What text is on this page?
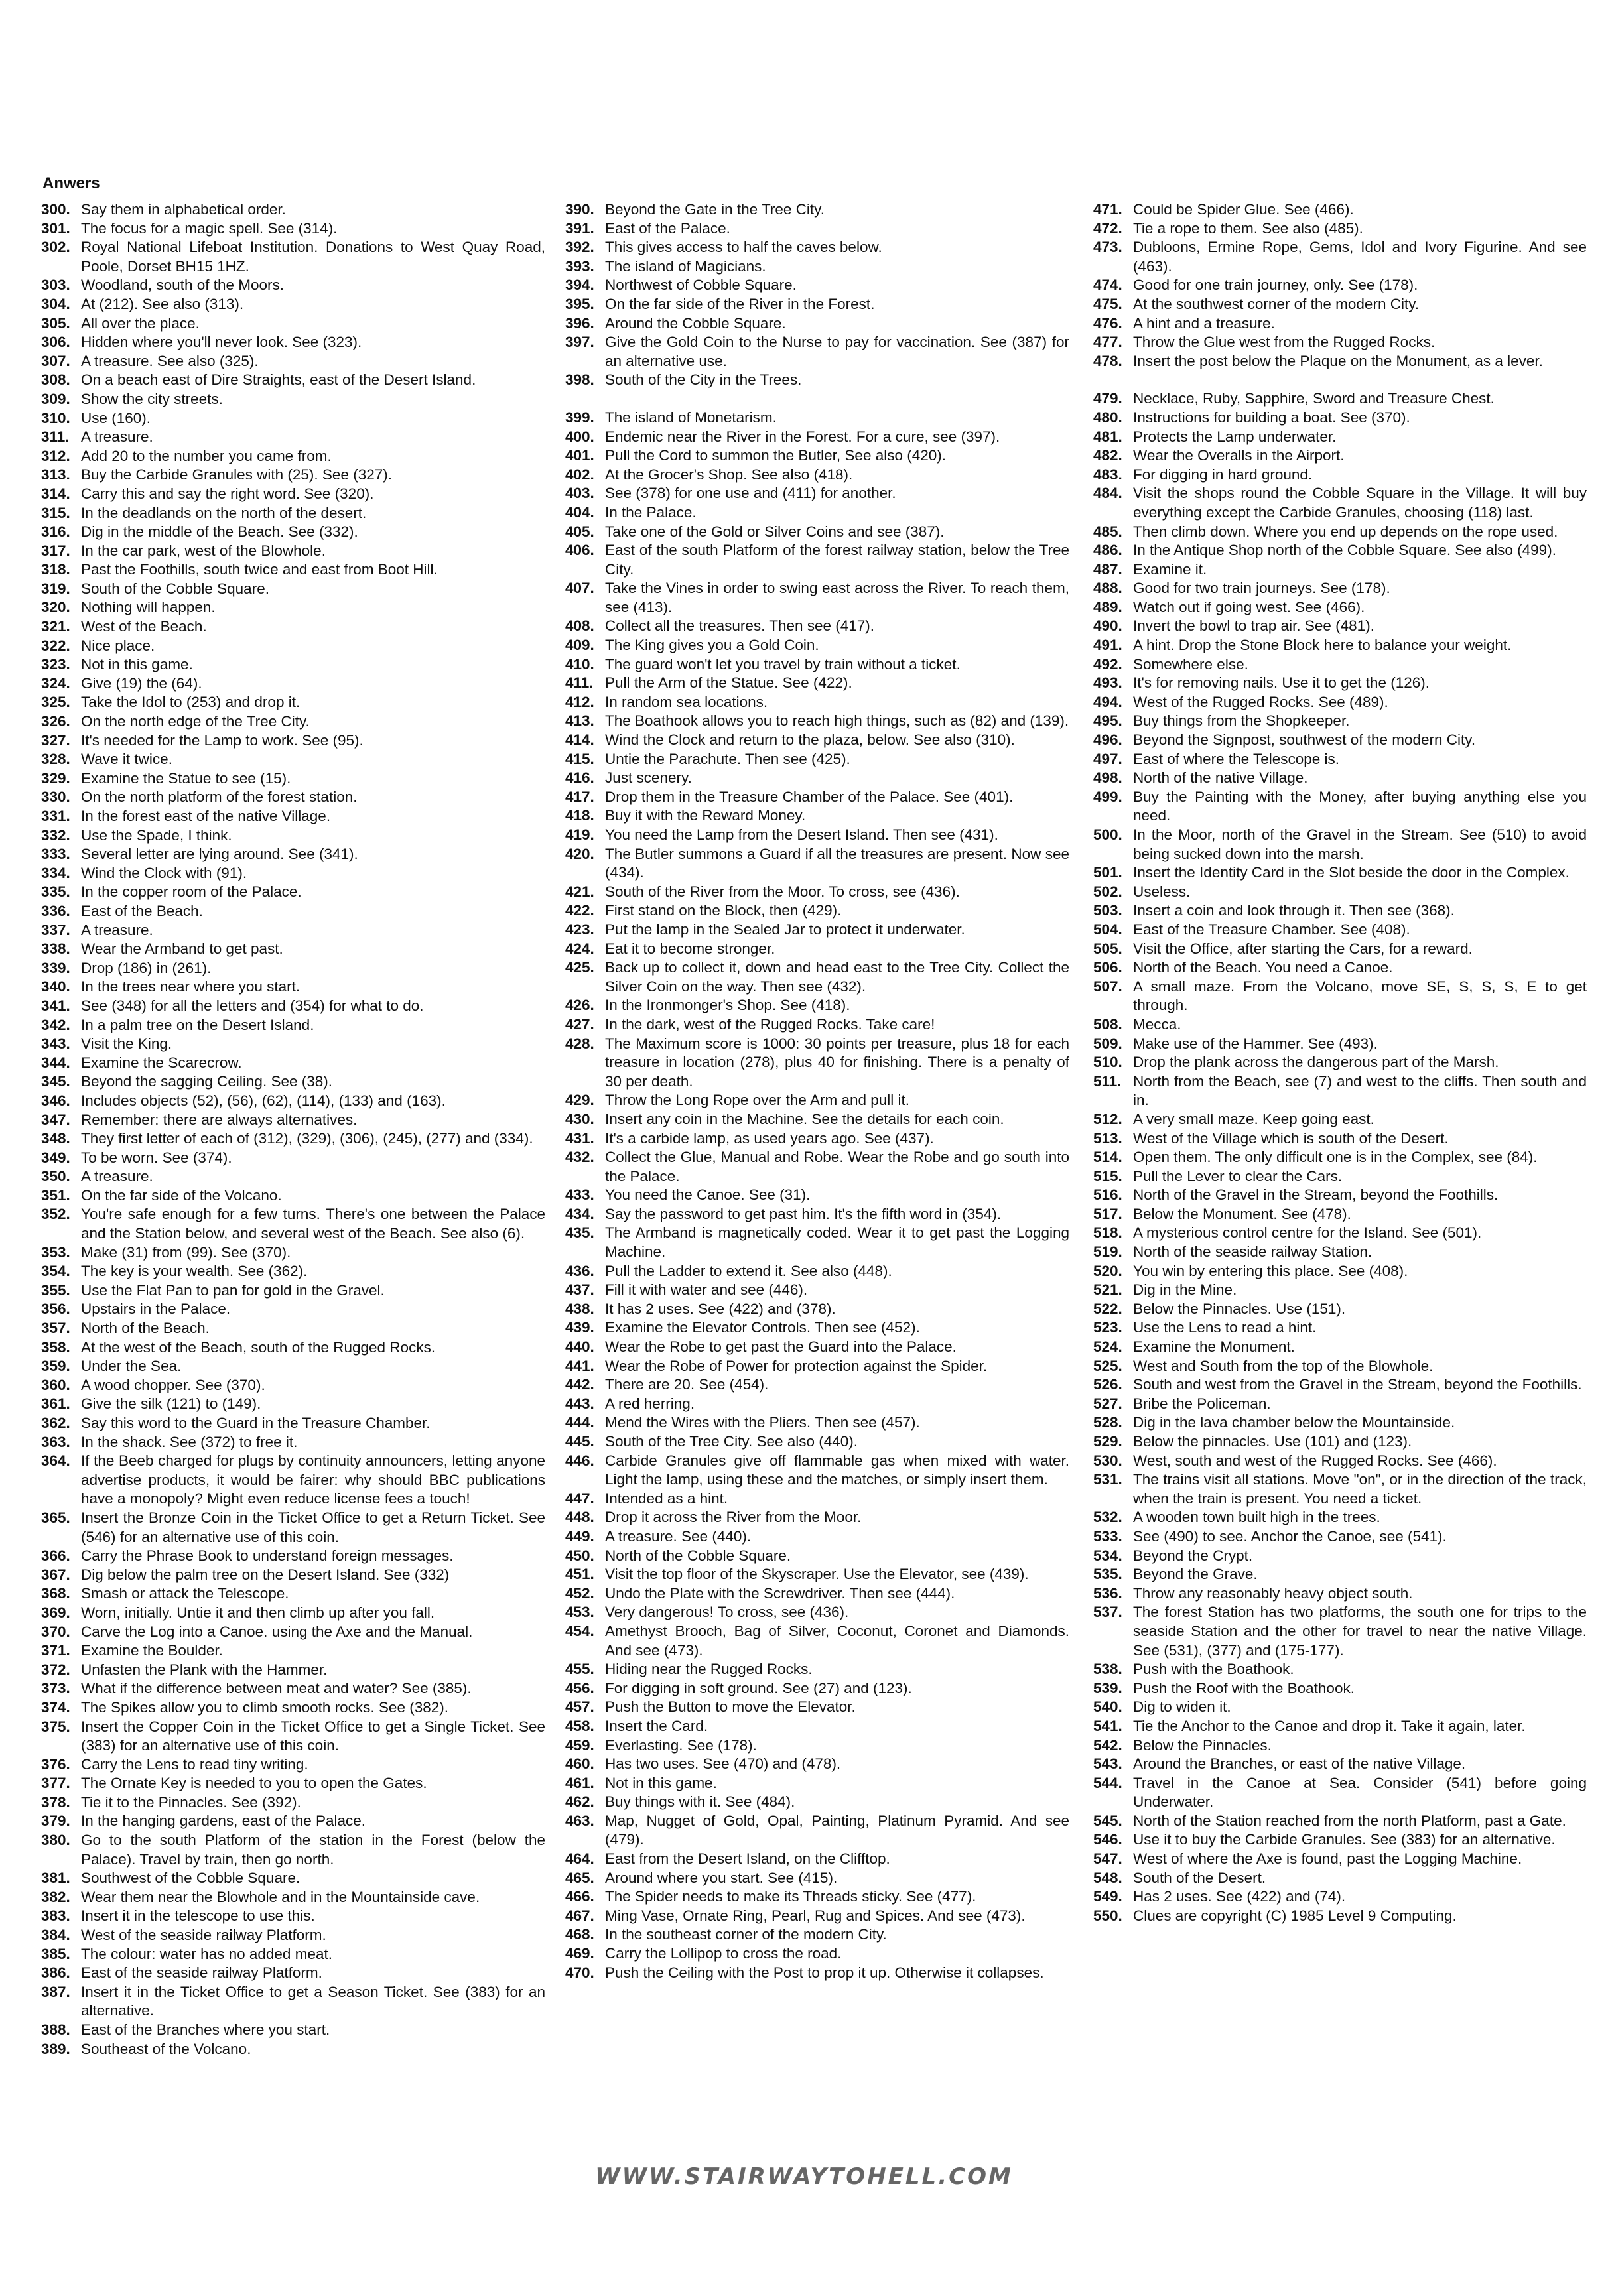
Anwers
300. Say them in alphabetical order.
301. The focus for a magic spell. See (314).
302. Royal National Lifeboat Institution. Donations to West Quay Road, Poole, Dorset BH15 1HZ.
303. Woodland, south of the Moors.
304. At (212). See also (313).
305. All over the place.
306. Hidden where you'll never look. See (323).
307. A treasure. See also (325).
308. On a beach east of Dire Straights, east of the Desert Island.
309. Show the city streets.
310. Use (160).
311. A treasure.
312. Add 20 to the number you came from.
313. Buy the Carbide Granules with (25). See (327).
314. Carry this and say the right word. See (320).
315. In the deadlands on the north of the desert.
316. Dig in the middle of the Beach. See (332).
317. In the car park, west of the Blowhole.
318. Past the Foothills, south twice and east from Boot Hill.
319. South of the Cobble Square.
320. Nothing will happen.
321. West of the Beach.
322. Nice place.
323. Not in this game.
324. Give (19) the (64).
325. Take the Idol to (253) and drop it.
326. On the north edge of the Tree City.
327. It's needed for the Lamp to work. See (95).
328. Wave it twice.
329. Examine the Statue to see (15).
330. On the north platform of the forest station.
331. In the forest east of the native Village.
332. Use the Spade, I think.
333. Several letter are lying around. See (341).
334. Wind the Clock with (91).
335. In the copper room of the Palace.
336. East of the Beach.
337. A treasure.
338. Wear the Armband to get past.
339. Drop (186) in (261).
340. In the trees near where you start.
341. See (348) for all the letters and (354) for what to do.
342. In a palm tree on the Desert Island.
343. Visit the King.
344. Examine the Scarecrow.
345. Beyond the sagging Ceiling. See (38).
346. Includes objects (52), (56), (62), (114), (133) and (163).
347. Remember: there are always alternatives.
348. They first letter of each of (312), (329), (306), (245), (277) and (334).
349. To be worn. See (374).
350. A treasure.
351. On the far side of the Volcano.
352. You're safe enough for a few turns. There's one between the Palace and the Station below, and several west of the Beach. See also (6).
353. Make (31) from (99). See (370).
354. The key is your wealth. See (362).
355. Use the Flat Pan to pan for gold in the Gravel.
356. Upstairs in the Palace.
357. North of the Beach.
358. At the west of the Beach, south of the Rugged Rocks.
359. Under the Sea.
360. A wood chopper. See (370).
361. Give the silk (121) to (149).
362. Say this word to the Guard in the Treasure Chamber.
363. In the shack. See (372) to free it.
364. If the Beeb charged for plugs by continuity announcers, letting anyone advertise products, it would be fairer: why should BBC publications have a monopoly? Might even reduce license fees a touch!
365. Insert the Bronze Coin in the Ticket Office to get a Return Ticket. See (546) for an alternative use of this coin.
366. Carry the Phrase Book to understand foreign messages.
367. Dig below the palm tree on the Desert Island. See (332)
368. Smash or attack the Telescope.
369. Worn, initially. Untie it and then climb up after you fall.
370. Carve the Log into a Canoe. using the Axe and the Manual.
371. Examine the Boulder.
372. Unfasten the Plank with the Hammer.
373. What if the difference between meat and water? See (385).
374. The Spikes allow you to climb smooth rocks. See (382).
375. Insert the Copper Coin in the Ticket Office to get a Single Ticket. See (383) for an alternative use of this coin.
376. Carry the Lens to read tiny writing.
377. The Ornate Key is needed to you to open the Gates.
378. Tie it to the Pinnacles. See (392).
379. In the hanging gardens, east of the Palace.
380. Go to the south Platform of the station in the Forest (below the Palace). Travel by train, then go north.
381. Southwest of the Cobble Square.
382. Wear them near the Blowhole and in the Mountainside cave.
383. Insert it in the telescope to use this.
384. West of the seaside railway Platform.
385. The colour: water has no added meat.
386. East of the seaside railway Platform.
387. Insert it in the Ticket Office to get a Season Ticket. See (383) for an alternative.
388. East of the Branches where you start.
389. Southeast of the Volcano.
390. Beyond the Gate in the Tree City.
391. East of the Palace.
392. This gives access to half the caves below.
393. The island of Magicians.
394. Northwest of Cobble Square.
395. On the far side of the River in the Forest.
396. Around the Cobble Square.
397. Give the Gold Coin to the Nurse to pay for vaccination. See (387) for an alternative use.
398. South of the City in the Trees.
399. The island of Monetarism.
400. Endemic near the River in the Forest. For a cure, see (397).
401. Pull the Cord to summon the Butler, See also (420).
402. At the Grocer's Shop. See also (418).
403. See (378) for one use and (411) for another.
404. In the Palace.
405. Take one of the Gold or Silver Coins and see (387).
406. East of the south Platform of the forest railway station, below the Tree City.
407. Take the Vines in order to swing east across the River. To reach them, see (413).
408. Collect all the treasures. Then see (417).
409. The King gives you a Gold Coin.
410. The guard won't let you travel by train without a ticket.
411. Pull the Arm of the Statue. See (422).
412. In random sea locations.
413. The Boathook allows you to reach high things, such as (82) and (139).
414. Wind the Clock and return to the plaza, below. See also (310).
415. Untie the Parachute. Then see (425).
416. Just scenery.
417. Drop them in the Treasure Chamber of the Palace. See (401).
418. Buy it with the Reward Money.
419. You need the Lamp from the Desert Island. Then see (431).
420. The Butler summons a Guard if all the treasures are present. Now see (434).
421. South of the River from the Moor. To cross, see (436).
422. First stand on the Block, then (429).
423. Put the lamp in the Sealed Jar to protect it underwater.
424. Eat it to become stronger.
425. Back up to collect it, down and head east to the Tree City. Collect the Silver Coin on the way. Then see (432).
426. In the Ironmonger's Shop. See (418).
427. In the dark, west of the Rugged Rocks. Take care!
428. The Maximum score is 1000: 30 points per treasure, plus 18 for each treasure in location (278), plus 40 for finishing. There is a penalty of 30 per death.
429. Throw the Long Rope over the Arm and pull it.
430. Insert any coin in the Machine. See the details for each coin.
431. It's a carbide lamp, as used years ago. See (437).
432. Collect the Glue, Manual and Robe. Wear the Robe and go south into the Palace.
433. You need the Canoe. See (31).
434. Say the password to get past him. It's the fifth word in (354).
435. The Armband is magnetically coded. Wear it to get past the Logging Machine.
436. Pull the Ladder to extend it. See also (448).
437. Fill it with water and see (446).
438. It has 2 uses. See (422) and (378).
439. Examine the Elevator Controls. Then see (452).
440. Wear the Robe to get past the Guard into the Palace.
441. Wear the Robe of Power for protection against the Spider.
442. There are 20. See (454).
443. A red herring.
444. Mend the Wires with the Pliers. Then see (457).
445. South of the Tree City. See also (440).
446. Carbide Granules give off flammable gas when mixed with water. Light the lamp, using these and the matches, or simply insert them.
447. Intended as a hint.
448. Drop it across the River from the Moor.
449. A treasure. See (440).
450. North of the Cobble Square.
451. Visit the top floor of the Skyscraper. Use the Elevator, see (439).
452. Undo the Plate with the Screwdriver. Then see (444).
453. Very dangerous! To cross, see (436).
454. Amethyst Brooch, Bag of Silver, Coconut, Coronet and Diamonds. And see (473).
455. Hiding near the Rugged Rocks.
456. For digging in soft ground. See (27) and (123).
457. Push the Button to move the Elevator.
458. Insert the Card.
459. Everlasting. See (178).
460. Has two uses. See (470) and (478).
461. Not in this game.
462. Buy things with it. See (484).
463. Map, Nugget of Gold, Opal, Painting, Platinum Pyramid. And see (479).
464. East from the Desert Island, on the Clifftop.
465. Around where you start. See (415).
466. The Spider needs to make its Threads sticky. See (477).
467. Ming Vase, Ornate Ring, Pearl, Rug and Spices. And see (473).
468. In the southeast corner of the modern City.
469. Carry the Lollipop to cross the road.
470. Push the Ceiling with the Post to prop it up. Otherwise it collapses.
471. Could be Spider Glue. See (466).
472. Tie a rope to them. See also (485).
473. Dubloons, Ermine Rope, Gems, Idol and Ivory Figurine. And see (463).
474. Good for one train journey, only. See (178).
475. At the southwest corner of the modern City.
476. A hint and a treasure.
477. Throw the Glue west from the Rugged Rocks.
478. Insert the post below the Plaque on the Monument, as a lever.
479. Necklace, Ruby, Sapphire, Sword and Treasure Chest.
480. Instructions for building a boat. See (370).
481. Protects the Lamp underwater.
482. Wear the Overalls in the Airport.
483. For digging in hard ground.
484. Visit the shops round the Cobble Square in the Village. It will buy everything except the Carbide Granules, choosing (118) last.
485. Then climb down. Where you end up depends on the rope used.
486. In the Antique Shop north of the Cobble Square. See also (499).
487. Examine it.
488. Good for two train journeys. See (178).
489. Watch out if going west. See (466).
490. Invert the bowl to trap air. See (481).
491. A hint. Drop the Stone Block here to balance your weight.
492. Somewhere else.
493. It's for removing nails. Use it to get the (126).
494. West of the Rugged Rocks. See (489).
495. Buy things from the Shopkeeper.
496. Beyond the Signpost, southwest of the modern City.
497. East of where the Telescope is.
498. North of the native Village.
499. Buy the Painting with the Money, after buying anything else you need.
500. In the Moor, north of the Gravel in the Stream. See (510) to avoid being sucked down into the marsh.
501. Insert the Identity Card in the Slot beside the door in the Complex.
502. Useless.
503. Insert a coin and look through it. Then see (368).
504. East of the Treasure Chamber. See (408).
505. Visit the Office, after starting the Cars, for a reward.
506. North of the Beach. You need a Canoe.
507. A small maze. From the Volcano, move SE, S, S, S, E to get through.
508. Mecca.
509. Make use of the Hammer. See (493).
510. Drop the plank across the dangerous part of the Marsh.
511. North from the Beach, see (7) and west to the cliffs. Then south and in.
512. A very small maze. Keep going east.
513. West of the Village which is south of the Desert.
514. Open them. The only difficult one is in the Complex, see (84).
515. Pull the Lever to clear the Cars.
516. North of the Gravel in the Stream, beyond the Foothills.
517. Below the Monument. See (478).
518. A mysterious control centre for the Island. See (501).
519. North of the seaside railway Station.
520. You win by entering this place. See (408).
521. Dig in the Mine.
522. Below the Pinnacles. Use (151).
523. Use the Lens to read a hint.
524. Examine the Monument.
525. West and South from the top of the Blowhole.
526. South and west from the Gravel in the Stream, beyond the Foothills.
527. Bribe the Policeman.
528. Dig in the lava chamber below the Mountainside.
529. Below the pinnacles. Use (101) and (123).
530. West, south and west of the Rugged Rocks. See (466).
531. The trains visit all stations. Move "on", or in the direction of the track, when the train is present. You need a ticket.
532. A wooden town built high in the trees.
533. See (490) to see. Anchor the Canoe, see (541).
534. Beyond the Crypt.
535. Beyond the Grave.
536. Throw any reasonably heavy object south.
537. The forest Station has two platforms, the south one for trips to the seaside Station and the other for travel to near the native Village. See (531), (377) and (175-177).
538. Push with the Boathook.
539. Push the Roof with the Boathook.
540. Dig to widen it.
541. Tie the Anchor to the Canoe and drop it. Take it again, later.
542. Below the Pinnacles.
543. Around the Branches, or east of the native Village.
544. Travel in the Canoe at Sea. Consider (541) before going Underwater.
545. North of the Station reached from the north Platform, past a Gate.
546. Use it to buy the Carbide Granules. See (383) for an alternative.
547. West of where the Axe is found, past the Logging Machine.
548. South of the Desert.
549. Has 2 uses. See (422) and (74).
550. Clues are copyright (C) 1985 Level 9 Computing.
WWW.STAIRWAYTOHELL.COM
